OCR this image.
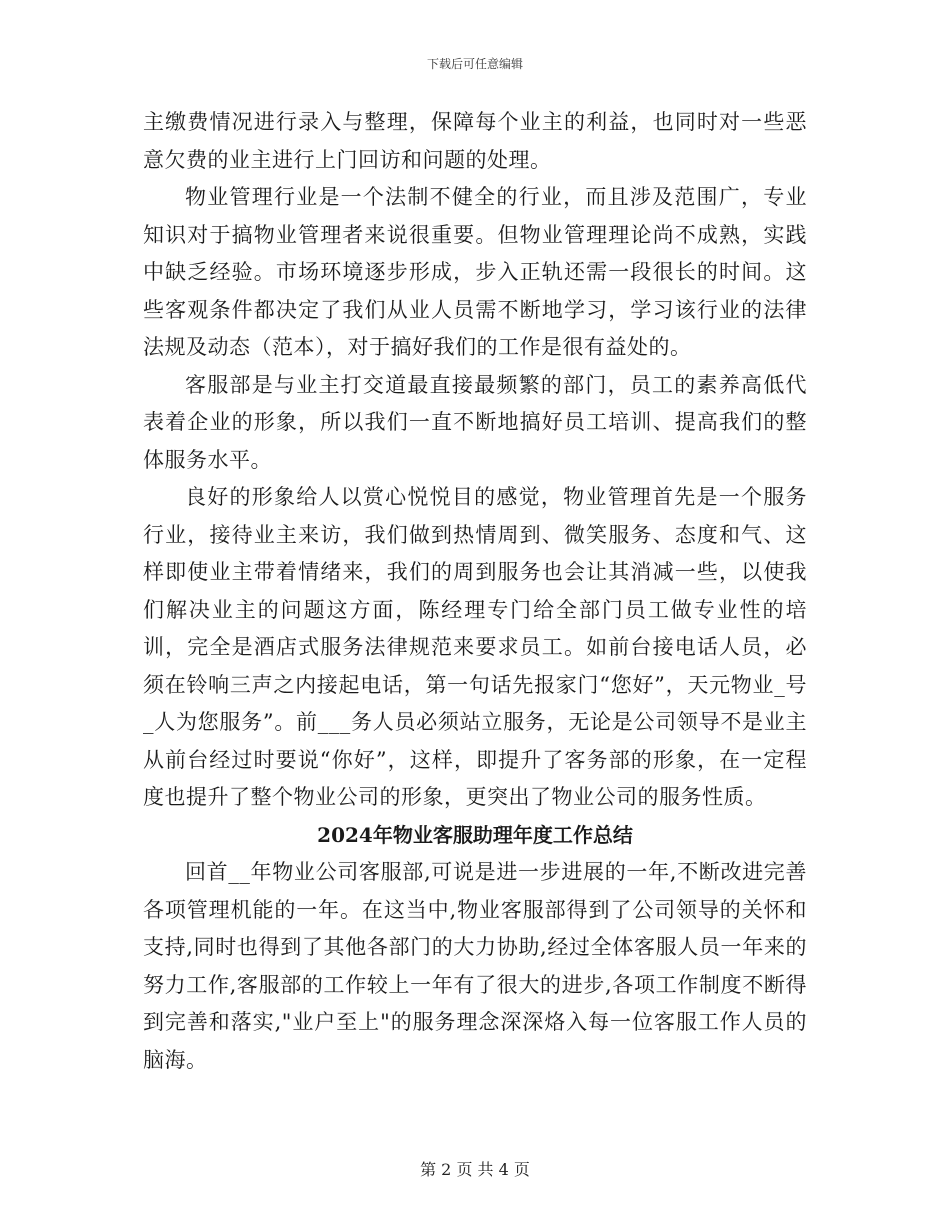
下载后可任意编辑

主缴费情况进行录入与整理，保障每个业主的利益，也同时对一些恶意欠费的业主进行上门回访和问题的处理。

物业管理行业是一个法制不健全的行业，而且涉及范围广，专业知识对于搞物业管理者来说很重要。但物业管理理论尚不成熟，实践中缺乏经验。市场环境逐步形成，步入正轨还需一段很长的时间。这些客观条件都决定了我们从业人员需不断地学习，学习该行业的法律法规及动态（范本），对于搞好我们的工作是很有益处的。

客服部是与业主打交道最直接最频繁的部门，员工的素养高低代表着企业的形象，所以我们一直不断地搞好员工培训、提高我们的整体服务水平。

良好的形象给人以赏心悦悦目的感觉，物业管理首先是一个服务行业，接待业主来访，我们做到热情周到、微笑服务、态度和气、这样即使业主带着情绪来，我们的周到服务也会让其消减一些，以使我们解决业主的问题这方面，陈经理专门给全部门员工做专业性的培训，完全是酒店式服务法律规范来要求员工。如前台接电话人员，必须在铃响三声之内接起电话，第一句话先报家门“您好”，天元物业_号_人为您服务”。前___务人员必须站立服务，无论是公司领导不是业主从前台经过时要说“你好”，这样，即提升了客务部的形象，在一定程度也提升了整个物业公司的形象，更突出了物业公司的服务性质。

2024年物业客服助理年度工作总结

回首__年物业公司客服部,可说是进一步进展的一年,不断改进完善各项管理机能的一年。在这当中,物业客服部得到了公司领导的关怀和支持,同时也得到了其他各部门的大力协助,经过全体客服人员一年来的努力工作,客服部的工作较上一年有了很大的进步,各项工作制度不断得到完善和落实,"业户至上"的服务理念深深烙入每一位客服工作人员的脑海。

第 2 页 共 4 页
